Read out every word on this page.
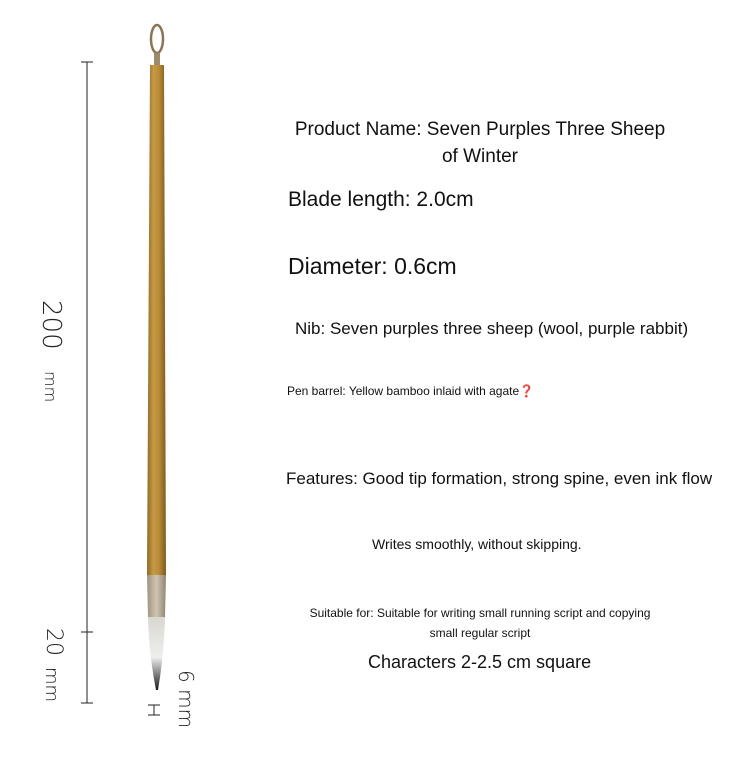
200
mm
20
mm	6 mm
Product Name: Seven Purples Three Sheep of Winter
Blade length: 2.0cm
Diameter: 0.6cm
Nib: Seven purples three sheep (wool, purple rabbit)
Pen barrel: Yellow bamboo inlaid with agate❓
Features: Good tip formation, strong spine, even ink flow
Writes smoothly, without skipping.
Suitable for: Suitable for writing small running script and copying small regular script
Characters 2-2.5 cm square
